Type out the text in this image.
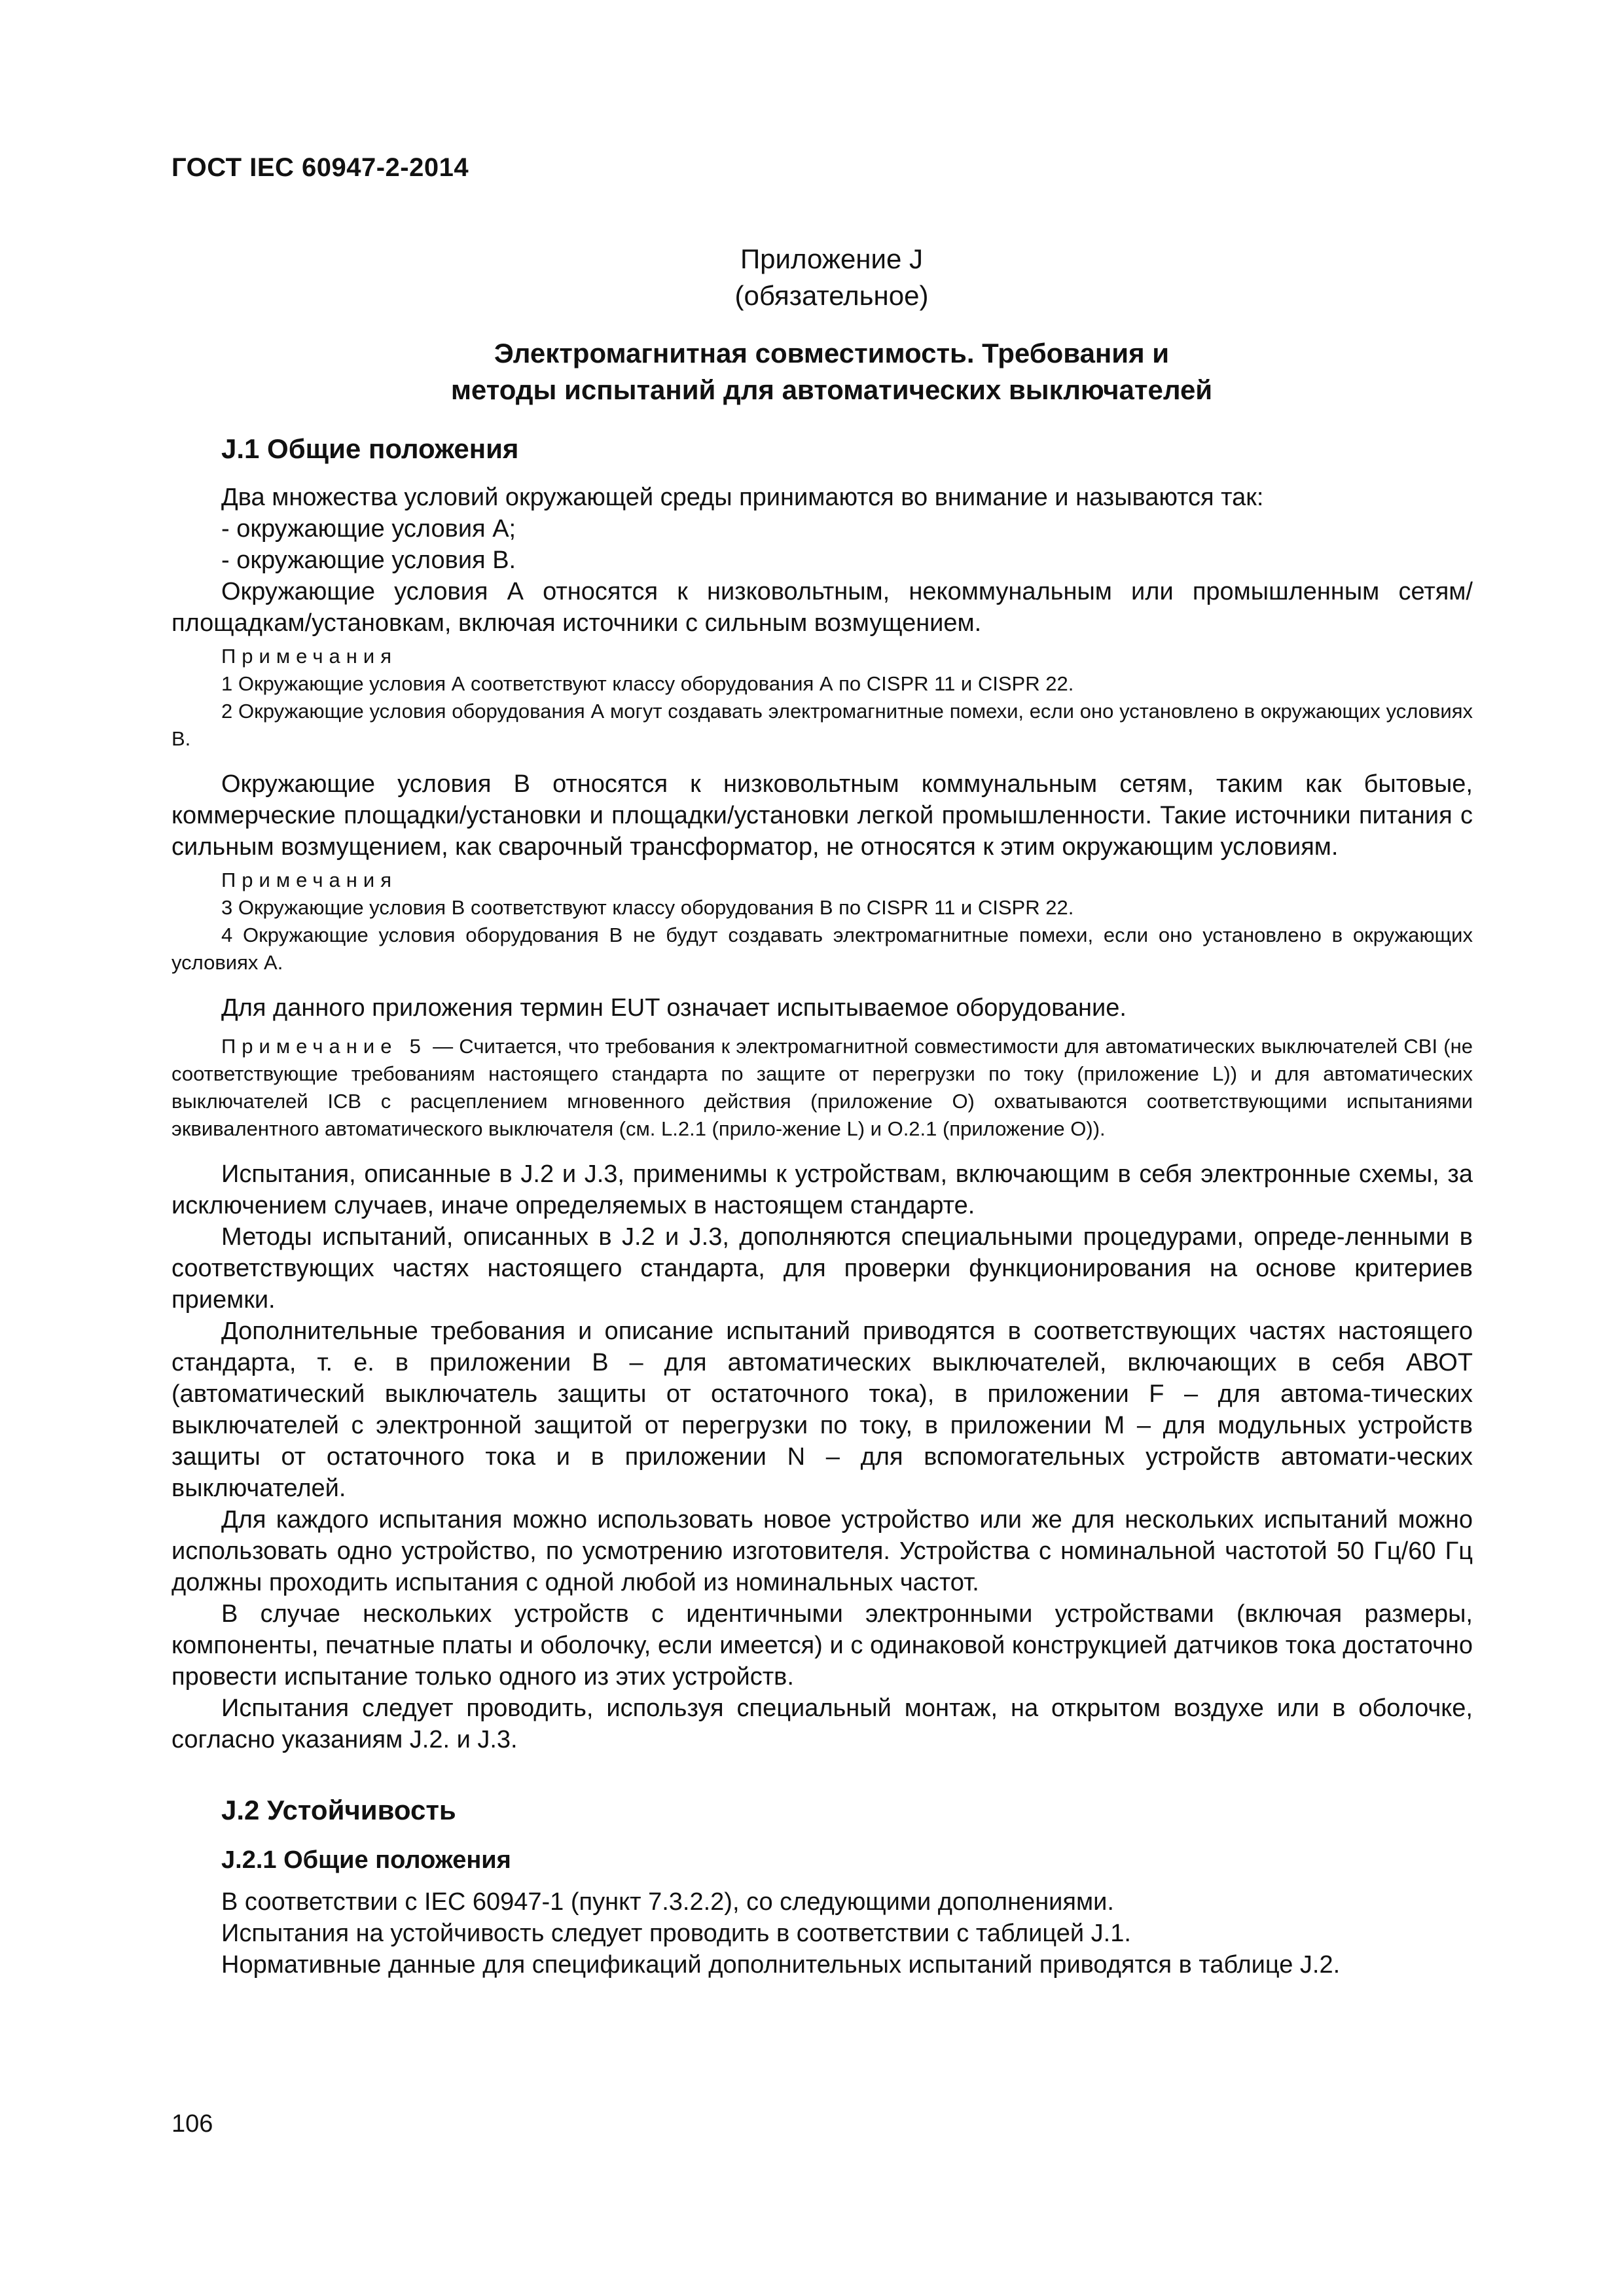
ГОСТ IEC 60947-2-2014
Приложение J
(обязательное)
Электромагнитная совместимость. Требования и
методы испытаний для автоматических выключателей
J.1 Общие положения

Два множества условий окружающей среды принимаются во внимание и называются так:

- окружающие условия А;

- окружающие условия В.

Окружающие условия А относятся к низковольтным, некоммунальным или промышленным сетям/площадкам/установкам, включая источники с сильным возмущением.

Примечания

1 Окружающие условия А соответствуют классу оборудования А по CISPR 11 и CISPR 22.

2 Окружающие условия оборудования А могут создавать электромагнитные помехи, если оно установлено в окружающих условиях В.

Окружающие условия В относятся к низковольтным коммунальным сетям, таким как бытовые, коммерческие площадки/установки и площадки/установки легкой промышленности. Такие источники питания с сильным возмущением, как сварочный трансформатор, не относятся к этим окружающим условиям.

Примечания

3 Окружающие условия В соответствуют классу оборудования В по CISPR 11 и CISPR 22.

4 Окружающие условия оборудования В не будут создавать электромагнитные помехи, если оно установлено в окружающих условиях А.

Для данного приложения термин EUT означает испытываемое оборудование.

Примечание 5 — Считается, что требования к электромагнитной совместимости для автоматических выключателей CBI (не соответствующие требованиям настоящего стандарта по защите от перегрузки по току (приложение L)) и для автоматических выключателей ICB с расцеплением мгновенного действия (приложение О) охватываются соответствующими испытаниями эквивалентного автоматического выключателя (см. L.2.1 (прило-жение L) и O.2.1 (приложение O)).

Испытания, описанные в J.2 и J.3, применимы к устройствам, включающим в себя электронные схемы, за исключением случаев, иначе определяемых в настоящем стандарте.

Методы испытаний, описанных в J.2 и J.3, дополняются специальными процедурами, опреде-ленными в соответствующих частях настоящего стандарта, для проверки функционирования на основе критериев приемки.

Дополнительные требования и описание испытаний приводятся в соответствующих частях настоящего стандарта, т. е. в приложении В – для автоматических выключателей, включающих в себя АВОТ (автоматический выключатель защиты от остаточного тока), в приложении F – для автома-тических выключателей с электронной защитой от перегрузки по току, в приложении М – для модульных устройств защиты от остаточного тока и в приложении N – для вспомогательных устройств автомати-ческих выключателей.

Для каждого испытания можно использовать новое устройство или же для нескольких испытаний можно использовать одно устройство, по усмотрению изготовителя. Устройства с номинальной частотой 50 Гц/60 Гц должны проходить испытания с одной любой из номинальных частот.

В случае нескольких устройств с идентичными электронными устройствами (включая размеры, компоненты, печатные платы и оболочку, если имеется) и с одинаковой конструкцией датчиков тока достаточно провести испытание только одного из этих устройств.

Испытания следует проводить, используя специальный монтаж, на открытом воздухе или в оболочке, согласно указаниям J.2. и J.3.

J.2 Устойчивость
J.2.1 Общие положения

В соответствии с IEC 60947-1 (пункт 7.3.2.2), со следующими дополнениями.

Испытания на устойчивость следует проводить в соответствии с таблицей J.1.

Нормативные данные для спецификаций дополнительных испытаний приводятся в таблице J.2.

106
